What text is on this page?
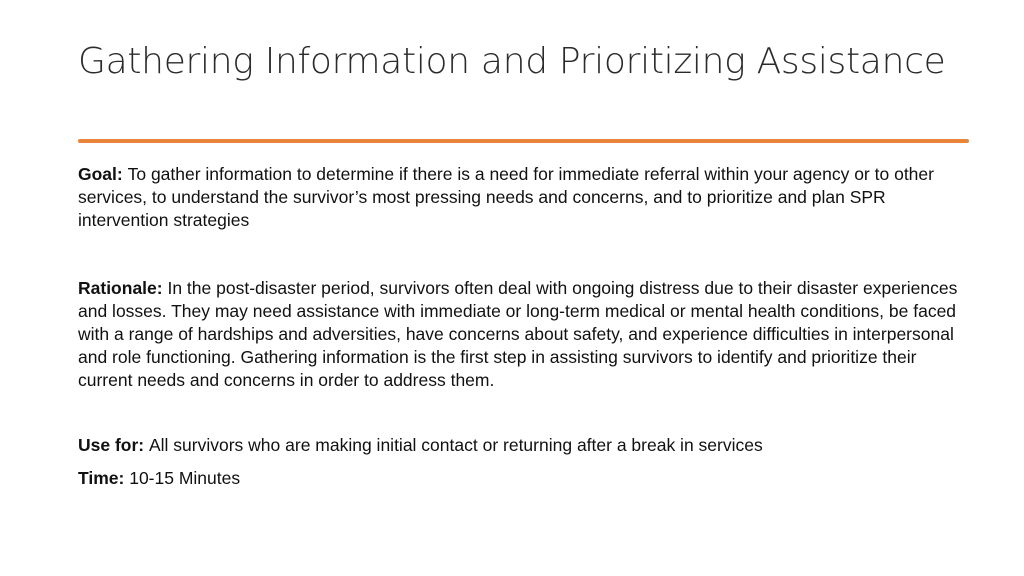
Gathering Information and Prioritizing Assistance

Goal: To gather information to determine if there is a need for immediate referral within your agency or to other services, to understand the survivor’s most pressing needs and concerns, and to prioritize and plan SPR intervention strategies

Rationale: In the post-disaster period, survivors often deal with ongoing distress due to their disaster experiences and losses. They may need assistance with immediate or long-term medical or mental health conditions, be faced with a range of hardships and adversities, have concerns about safety, and experience difficulties in interpersonal and role functioning. Gathering information is the first step in assisting survivors to identify and prioritize their current needs and concerns in order to address them.

Use for: All survivors who are making initial contact or returning after a break in services

Time: 10-15 Minutes
